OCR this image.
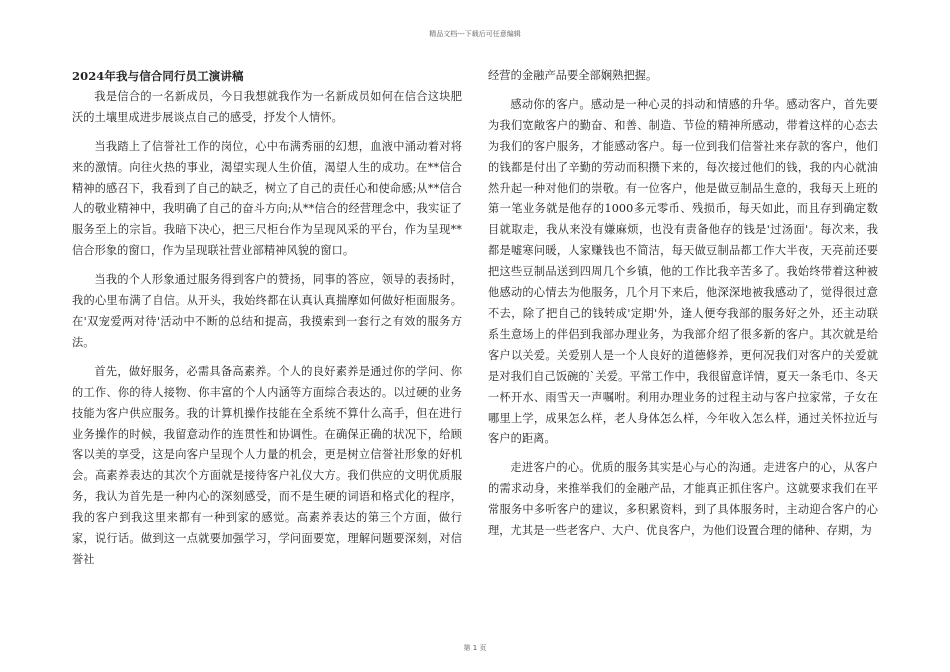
精品文档---下载后可任意编辑
2024年我与信合同行员工演讲稿

我是信合的一名新成员，今日我想就我作为一名新成员如何在信合这块肥沃的土壤里成进步展谈点自己的感受，抒发个人情怀。

当我踏上了信誉社工作的岗位，心中布满秀丽的幻想，血液中涌动着对将来的激情。向往火热的事业，渴望实现人生价值，渴望人生的成功。在**信合精神的感召下，我看到了自己的缺乏，树立了自己的责任心和使命感;从**信合人的敬业精神中，我明确了自己的奋斗方向;从**信合的经营理念中，我实证了服务至上的宗旨。我暗下决心，把三尺柜台作为呈现风采的平台，作为呈现**信合形象的窗口，作为呈现联社营业部精神风貌的窗口。

当我的个人形象通过服务得到客户的赞扬，同事的答应，领导的表扬时，我的心里布满了自信。从开头，我始终都在认真认真揣摩如何做好柜面服务。在'双宠爱两对待'活动中不断的总结和提高，我摸索到一套行之有效的服务方法。

首先，做好服务，必需具备高素养。个人的良好素养是通过你的学问、你的工作、你的待人接物、你丰富的个人内涵等方面综合表达的。以过硬的业务技能为客户供应服务。我的计算机操作技能在全系统不算什么高手，但在进行业务操作的时候，我留意动作的连贯性和协调性。在确保正确的状况下，给顾客以美的享受，这是向客户呈现个人力量的机会，更是树立信誉社形象的好机会。高素养表达的其次个方面就是接待客户礼仪大方。我们供应的文明优质服务，我认为首先是一种内心的深刻感受，而不是生硬的词语和格式化的程序，我的客户到我这里来都有一种到家的感觉。高素养表达的第三个方面，做行家，说行话。做到这一点就要加强学习，学问面要宽，理解问题要深刻，对信誉社

经营的金融产品要全部娴熟把握。

感动你的客户。感动是一种心灵的抖动和情感的升华。感动客户，首先要为我们宽敞客户的勤奋、和善、制造、节俭的精神所感动，带着这样的心态去为我们的客户服务，才能感动客户。每一位到我们信誉社来存款的客户，他们的钱都是付出了辛勤的劳动而积攒下来的，每次接过他们的钱，我的内心就油然升起一种对他们的崇敬。有一位客户，他是做豆制品生意的，我每天上班的第一笔业务就是他存的1000多元零币、残损币，每天如此，而且存到确定数目就取走，我从来没有嫌麻烦，也没有责备他存的钱是'过汤面'。每次来，我都是嘘寒问暖，人家赚钱也不简洁，每天做豆制品都工作大半夜，天亮前还要把这些豆制品送到四周几个乡镇，他的工作比我辛苦多了。我始终带着这种被他感动的心情去为他服务，几个月下来后，他深深地被我感动了，觉得很过意不去，除了把自己的钱转成'定期'外，逢人便夸我部的服务好之外，还主动联系生意场上的伴侣到我部办理业务，为我部介绍了很多新的客户。其次就是给客户以关爱。关爱别人是一个人良好的道德修养，更何况我们对客户的关爱就是对我们自己饭碗的`关爱。平常工作中，我很留意详情，夏天一条毛巾、冬天一杯开水、雨雪天一声嘱咐。利用办理业务的过程主动与客户拉家常，子女在哪里上学，成果怎么样，老人身体怎么样，今年收入怎么样，通过关怀拉近与客户的距离。

走进客户的心。优质的服务其实是心与心的沟通。走进客户的心，从客户的需求动身，来推举我们的金融产品，才能真正抓住客户。这就要求我们在平常服务中多听客户的建议，多积累资料，到了具体服务时，主动迎合客户的心理，尤其是一些老客户、大户、优良客户，为他们设置合理的储种、存期，为

第 1 页
